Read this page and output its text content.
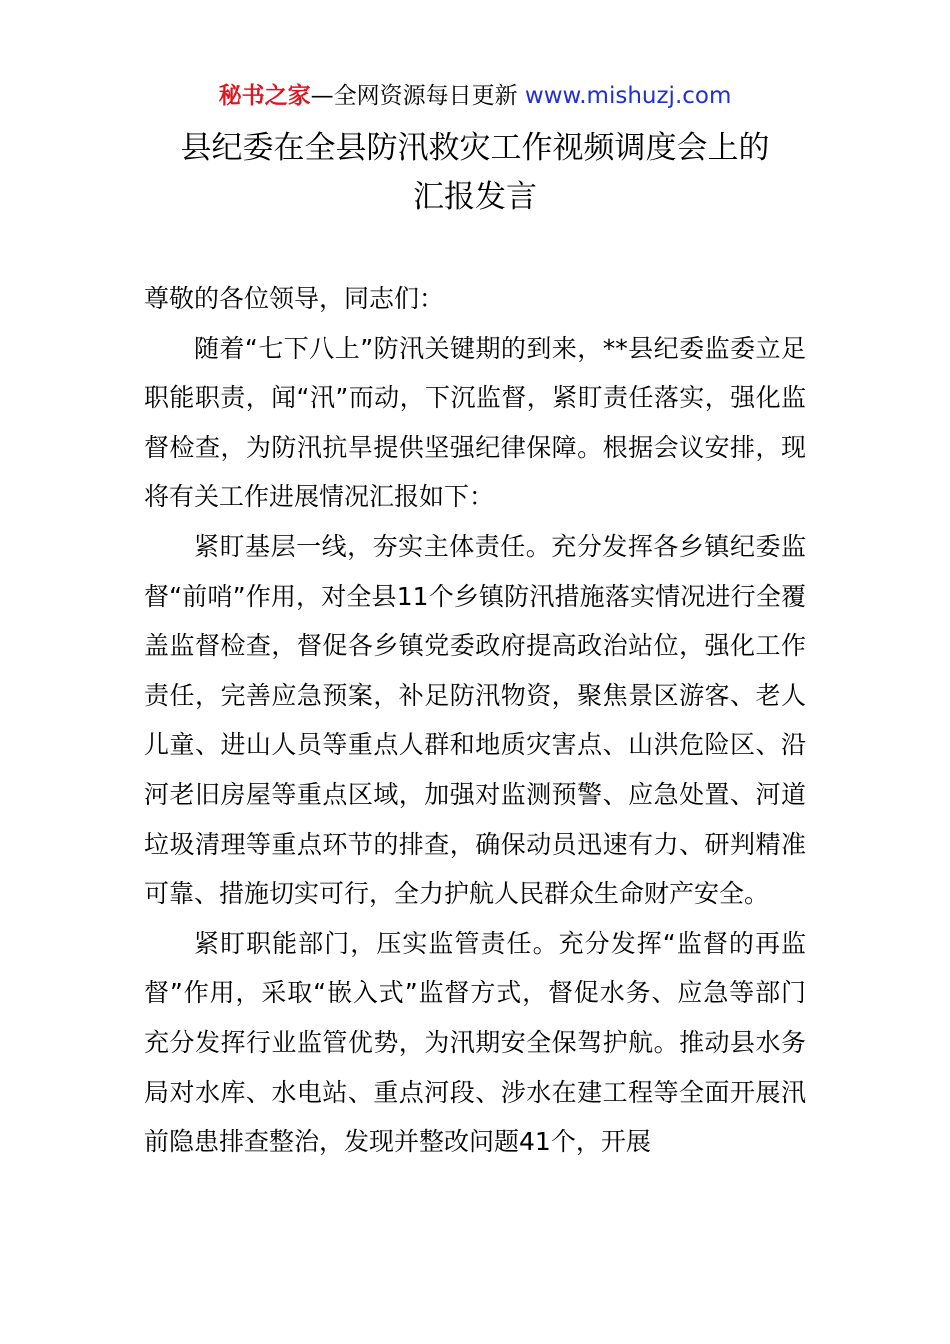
秘书之家—全网资源每日更新 www.mishuzj.com
县纪委在全县防汛救灾工作视频调度会上的
汇报发言

尊敬的各位领导，同志们：

随着“七下八上”防汛关键期的到来，**县纪委监委立足职能职责，闻“汛”而动，下沉监督，紧盯责任落实，强化监督检查，为防汛抗旱提供坚强纪律保障。根据会议安排，现将有关工作进展情况汇报如下：

紧盯基层一线，夯实主体责任。充分发挥各乡镇纪委监督“前哨”作用，对全县11个乡镇防汛措施落实情况进行全覆盖监督检查，督促各乡镇党委政府提高政治站位，强化工作责任，完善应急预案，补足防汛物资，聚焦景区游客、老人儿童、进山人员等重点人群和地质灾害点、山洪危险区、沿河老旧房屋等重点区域，加强对监测预警、应急处置、河道垃圾清理等重点环节的排查，确保动员迅速有力、研判精准可靠、措施切实可行，全力护航人民群众生命财产安全。

紧盯职能部门，压实监管责任。充分发挥“监督的再监督”作用，采取“嵌入式”监督方式，督促水务、应急等部门充分发挥行业监管优势，为汛期安全保驾护航。推动县水务局对水库、水电站、重点河段、涉水在建工程等全面开展汛前隐患排查整治，发现并整改问题41个，开展
